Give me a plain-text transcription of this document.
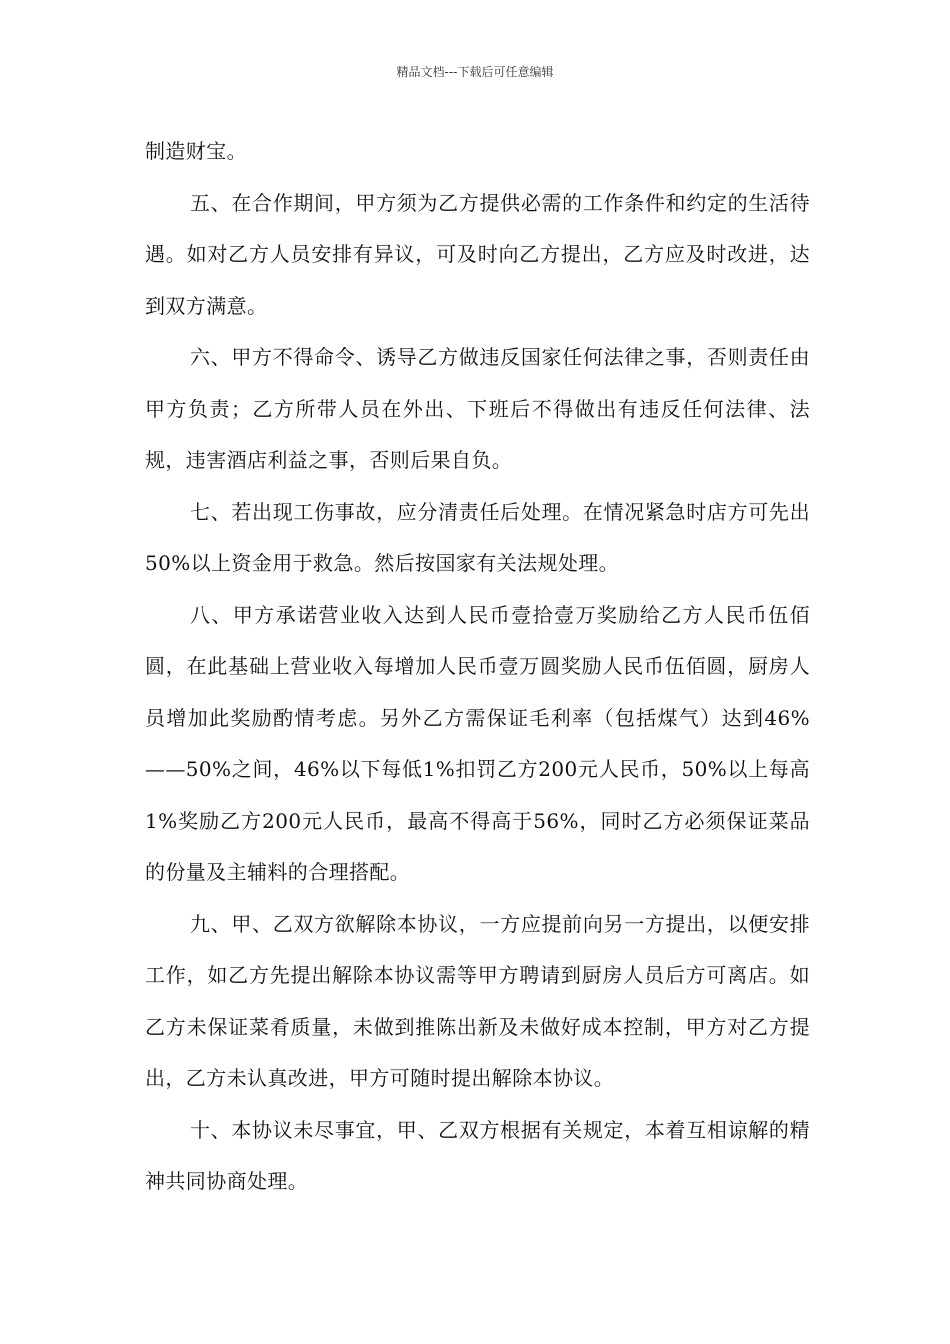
精品文档---下载后可任意编辑

制造财宝。

五、在合作期间，甲方须为乙方提供必需的工作条件和约定的生活待遇。如对乙方人员安排有异议，可及时向乙方提出，乙方应及时改进，达到双方满意。

六、甲方不得命令、诱导乙方做违反国家任何法律之事，否则责任由甲方负责；乙方所带人员在外出、下班后不得做出有违反任何法律、法规，违害酒店利益之事，否则后果自负。

七、若出现工伤事故，应分清责任后处理。在情况紧急时店方可先出50%以上资金用于救急。然后按国家有关法规处理。

八、甲方承诺营业收入达到人民币壹拾壹万奖励给乙方人民币伍佰圆，在此基础上营业收入每增加人民币壹万圆奖励人民币伍佰圆，厨房人员增加此奖励酌情考虑。另外乙方需保证毛利率（包括煤气）达到46%——50%之间，46%以下每低1%扣罚乙方200元人民币，50%以上每高1%奖励乙方200元人民币，最高不得高于56%，同时乙方必须保证菜品的份量及主辅料的合理搭配。

九、甲、乙双方欲解除本协议，一方应提前向另一方提出，以便安排工作，如乙方先提出解除本协议需等甲方聘请到厨房人员后方可离店。如乙方未保证菜肴质量，未做到推陈出新及未做好成本控制，甲方对乙方提出，乙方未认真改进，甲方可随时提出解除本协议。

十、本协议未尽事宜，甲、乙双方根据有关规定，本着互相谅解的精神共同协商处理。
